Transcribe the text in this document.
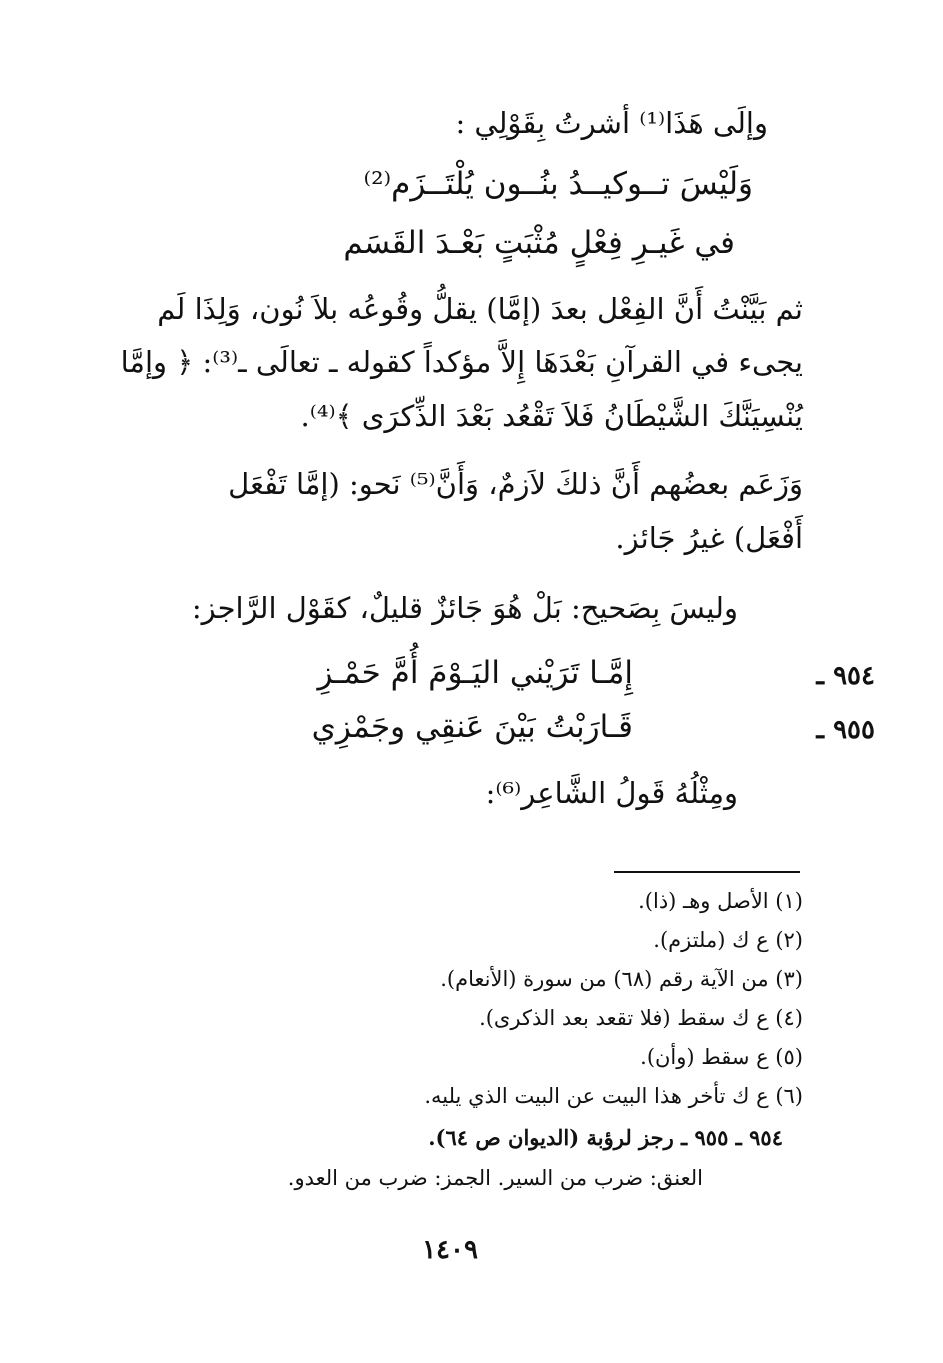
وإلَى هَذَا⁽¹⁾ أشرتُ بِقَوْلِي :
وَلَيْسَ تــوكيــدُ بنُــون يُلْتَــزَم⁽²⁾
في غَيـرِ فِعْلٍ مُثْبَتٍ بَعْـدَ القَسَم
ثم بَيَّنْتُ أَنَّ الفِعْل بعدَ (إمَّا) يقلُّ وقُوعُه بلاَ نُون، وَلِذَا لَم
يجىء في القرآنِ بَعْدَهَا إِلاَّ مؤكداً كقوله ـ تعالَى ـ⁽³⁾: ﴿ وإمَّا
يُنْسِيَنَّكَ الشَّيْطَانُ فَلاَ تَقْعُد بَعْدَ الذِّكرَى ﴾⁽⁴⁾.
وَزَعَم بعضُهم أَنَّ ذلكَ لاَزمٌ، وَأَنَّ⁽⁵⁾ نَحو: (إمَّا تَفْعَل
أَفْعَل) غيرُ جَائز.
وليسَ بِصَحيح: بَلْ هُوَ جَائزٌ قليلٌ، كقَوْل الرَّاجز:
٩٥٤ ـ
إِمَّـا تَرَيْني اليَـوْمَ أُمَّ حَمْـزِ
٩٥٥ ـ
قَـارَبْتُ بَيْنَ عَنقِي وجَمْزِي
ومِثْلُهُ قَولُ الشَّاعِر⁽⁶⁾:
(١) الأصل وهـ (ذا).
(٢) ع ك (ملتزم).
(٣) من الآية رقم (٦٨) من سورة (الأنعام).
(٤) ع ك سقط (فلا تقعد بعد الذكرى).
(٥) ع سقط (وأن).
(٦) ع ك تأخر هذا البيت عن البيت الذي يليه.
٩٥٤ ـ ٩٥٥ ـ رجز لرؤبة (الديوان ص ٦٤).
العنق: ضرب من السير. الجمز: ضرب من العدو.
١٤٠٩
